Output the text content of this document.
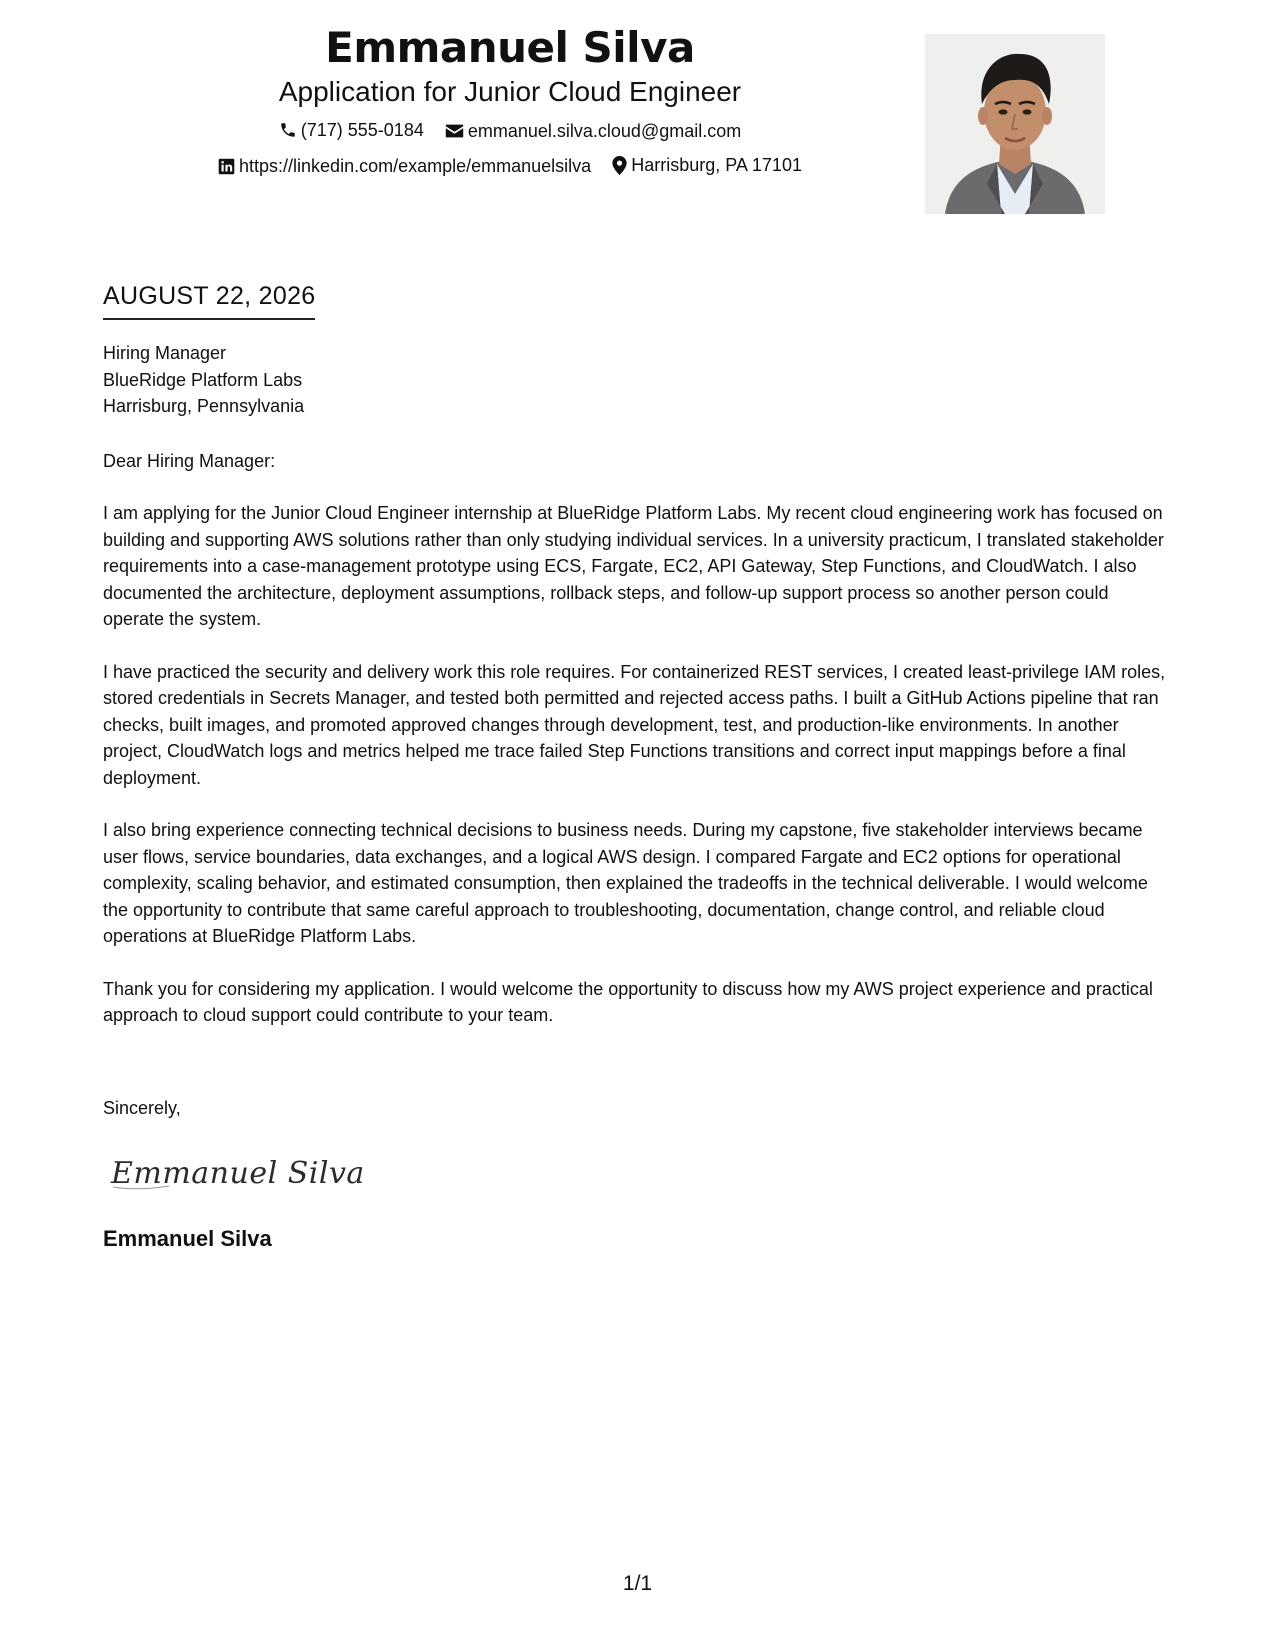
Emmanuel Silva
Application for Junior Cloud Engineer
(717) 555-0184
emmanuel.silva.cloud@gmail.com
https://linkedin.com/example/emmanuelsilva
Harrisburg, PA 17101
AUGUST 22, 2026
Hiring Manager
BlueRidge Platform Labs
Harrisburg, Pennsylvania
Dear Hiring Manager:

I am applying for the Junior Cloud Engineer internship at BlueRidge Platform Labs. My recent cloud engineering work has focused on building and supporting AWS solutions rather than only studying individual services. In a university practicum, I translated stakeholder requirements into a case-management prototype using ECS, Fargate, EC2, API Gateway, Step Functions, and CloudWatch. I also documented the architecture, deployment assumptions, rollback steps, and follow-up support process so another person could operate the system.

I have practiced the security and delivery work this role requires. For containerized REST services, I created least-privilege IAM roles, stored credentials in Secrets Manager, and tested both permitted and rejected access paths. I built a GitHub Actions pipeline that ran checks, built images, and promoted approved changes through development, test, and production-like environments. In another project, CloudWatch logs and metrics helped me trace failed Step Functions transitions and correct input mappings before a final deployment.

I also bring experience connecting technical decisions to business needs. During my capstone, five stakeholder interviews became user flows, service boundaries, data exchanges, and a logical AWS design. I compared Fargate and EC2 options for operational complexity, scaling behavior, and estimated consumption, then explained the tradeoffs in the technical deliverable. I would welcome the opportunity to contribute that same careful approach to troubleshooting, documentation, change control, and reliable cloud operations at BlueRidge Platform Labs.

Thank you for considering my application. I would welcome the opportunity to discuss how my AWS project experience and practical approach to cloud support could contribute to your team.

Sincerely,
Emmanuel Silva
Emmanuel Silva
1/1
